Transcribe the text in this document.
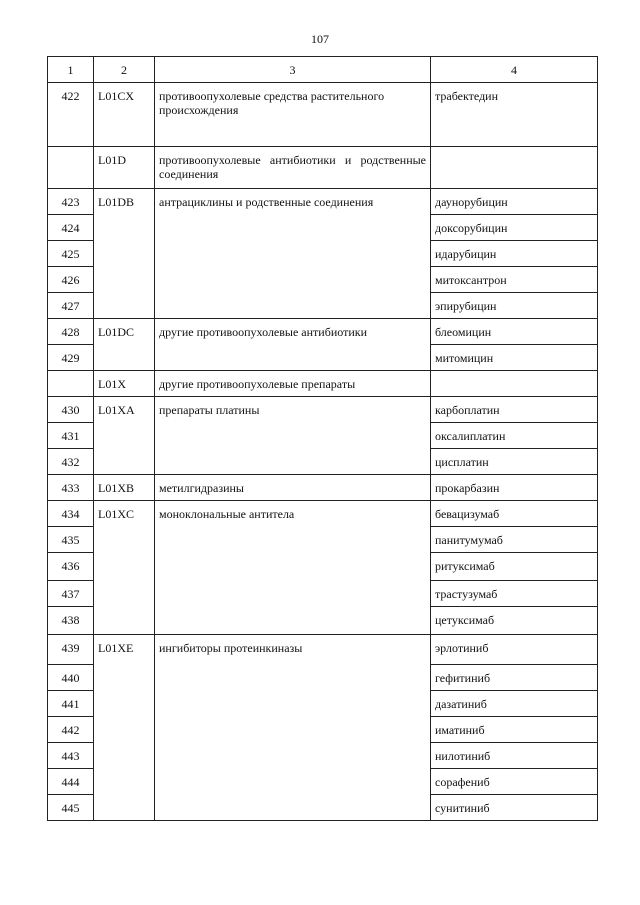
107
1	2	3	4
422	L01CX	противоопухолевые средства растительного происхождения	трабектедин
	L01D	противоопухолевые антибиотики и родственные соединения	
423	L01DB	антрациклины и родственные соединения	даунорубицин
424			доксорубицин
425			идарубицин
426			митоксантрон
427			эпирубицин
428	L01DC	другие противоопухолевые антибиотики	блеомицин
429			митомицин
	L01X	другие противоопухолевые препараты	
430	L01XA	препараты платины	карбоплатин
431			оксалиплатин
432			цисплатин
433	L01XB	метилгидразины	прокарбазин
434	L01XC	моноклональные антитела	бевацизумаб
435			панитумумаб
436			ритуксимаб
437			трастузумаб
438			цетуксимаб
439	L01XE	ингибиторы протеинкиназы	эрлотиниб
440			гефитиниб
441			дазатиниб
442			иматиниб
443			нилотиниб
444			сорафениб
445			сунитиниб
